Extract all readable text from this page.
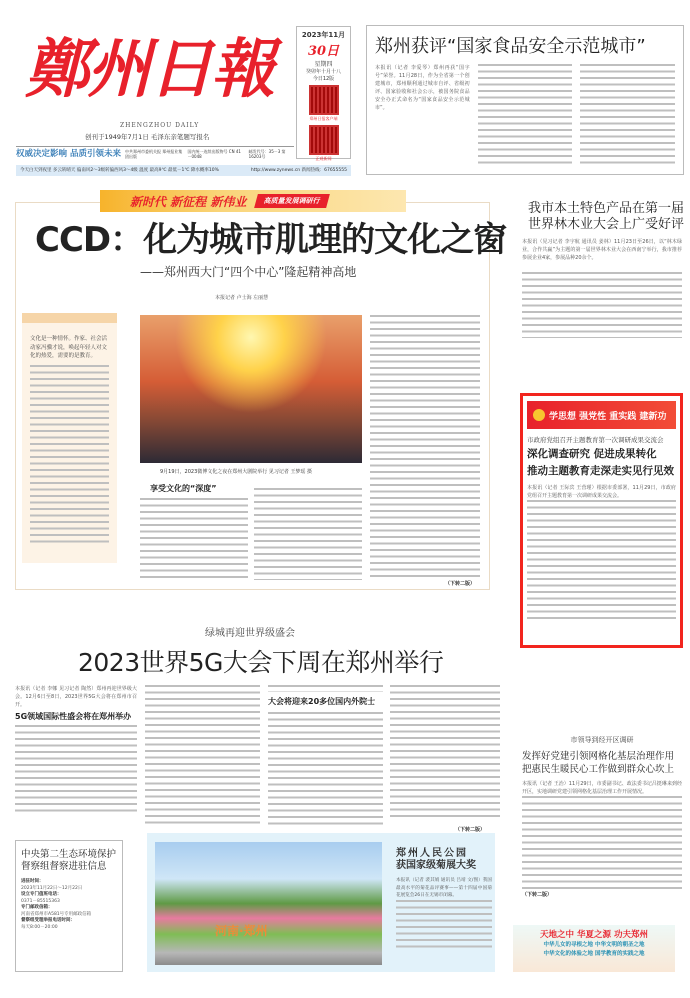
鄭州日報
ZHENGZHOU DAILY
创刊于1949年7月1日 毛泽东亲笔题写报名
2023年11月
30日
星期四
癸卯年十月十八
今日12版
郑州日报客户端
正观新闻
权威决定影响 品质引领未来 中共郑州市委机关报 郑州报业集团出版
国内统一连续出版物号 CN 41－0048
邮发代号：35－3 第16203号
今天白天到夜里 多云转晴天 偏南风2～3级转偏西风3～4级 温度 最高9℃ 最低－1℃ 降水概率10%	http://www.zynews.cn 新闻热线：67655555
郑州获评“国家食品安全示范城市”

本报讯（记者 李爱琴）郑州再获“国字号”荣誉。11月28日，作为全省第一个创建城市，郑州顺利通过城市自评、省级初评、国家验收和社会公示，被国务院食品安全办正式命名为“国家食品安全示范城市”。

新时代 新征程 新伟业	高质量发展调研行
CCD：化为城市肌理的文化之窗
——郑州西大门“四个中心”隆起精神高地
本报记者 卢士海 左丽慧

文化是一种情怀。作家、社会活动家冯骥才说，唤起年轻人对文化的热爱，需要的是教育。

9月19日，2023微博文化之夜在郑州大剧院举行 见习记者 王梦瑶 摄
享受文化的“深度”
（下转二版）
绿城再迎世界级盛会
2023世界5G大会下周在郑州举行

本报讯（记者 李娜 见习记者 陶然）郑州再迎世界级大会。12月6日至8日，2023世界5G大会将在郑州市召开。

5G领域国际性盛会将在郑州举办
大会将迎来20多位国内外院士
（下转二版）
我市本土特色产品在第一届世界林木业大会上广受好评

本报讯（见习记者 李宇航 通讯员 姜林）11月23日至26日，以“林木绿业，合作共赢”为主题的第一届世界林木业大会在西南宁举行，我市推荐参展企业4家，参展品种20余个。

学思想 强党性 重实践 建新功
市政府党组召开主题教育第一次调研成果交流会
深化调查研究 促进成果转化
推动主题教育走深走实见行见效

本报讯（记者 王际宾 王营瑾）根据市委部署，11月29日，市政府党组召开主题教育第一次调研成果交流会。

市领导到经开区调研
发挥好党建引领网格化基层治理作用
把惠民生暖民心工作做到群众心坎上

本报讯（记者 王治）11月29日，市委副书记、政法委书记吕挺琳来到经开区，实地调研党建引领网格化基层治理工作开展情况。

（下转二版）
中央第二生态环境保护督察组督察进驻信息

进驻时间：
2023年11月22日～12月22日

设立专门值班电话：
0371－85515363

专门邮政信箱：
河南省郑州市A581号专用邮政信箱

督察组受理举报电话时间：
每天8:00－20:00	河南·郑州
郑州人民公园
获国家级菊展大奖

本报讯（记者 裴其娟 通讯员 吕靖 文/图）我国最高水平的菊花品评赛事——第十四届中国菊花展览会26日在无锡市闭幕。

天地之中 华夏之源 功夫郑州
中华儿女的寻根之地 中华文明的朝圣之地
中华文化的体验之地 国学教育的实践之地
